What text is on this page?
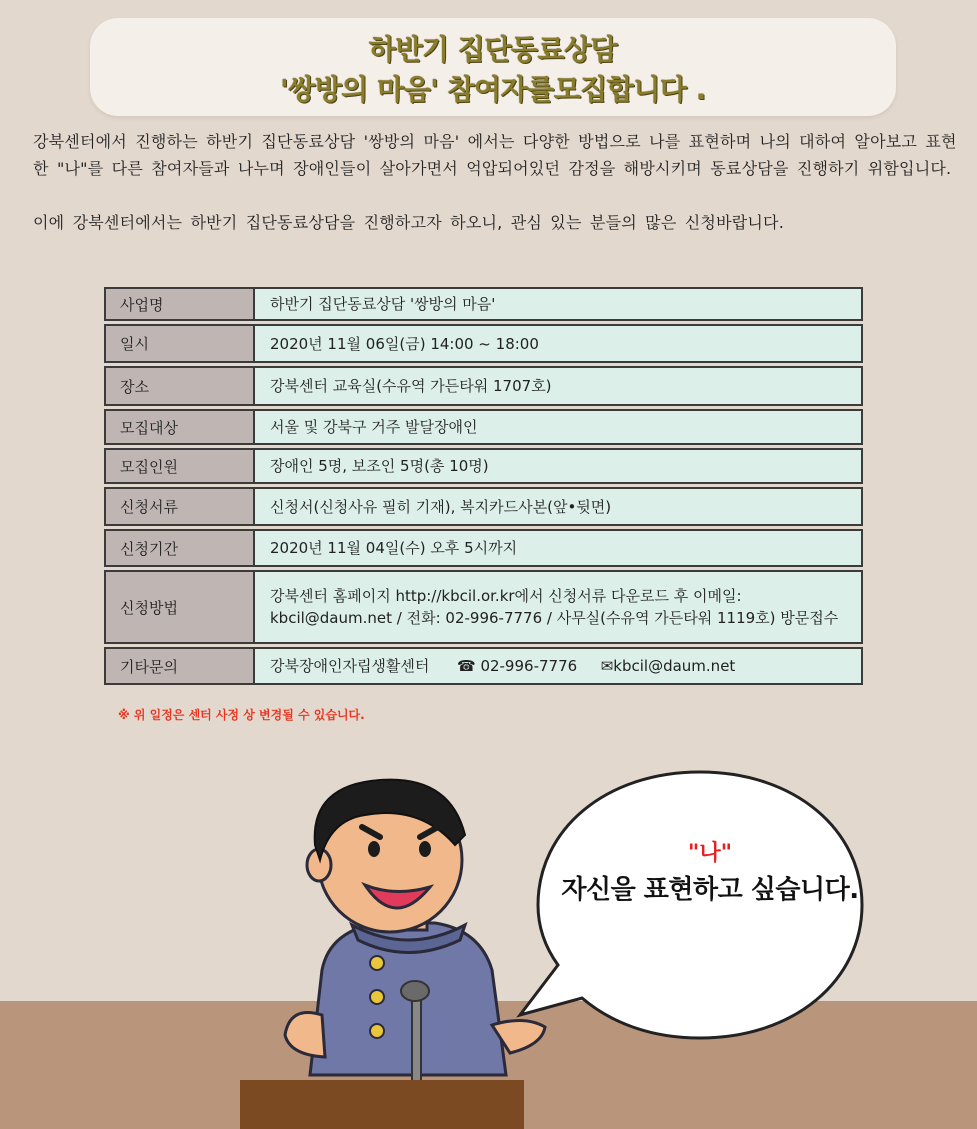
하반기 집단동료상담
'쌍방의 마음' 참여자를모집합니다 .

강북센터에서 진행하는 하반기 집단동료상담 '쌍방의 마음' 에서는 다양한 방법으로 나를 표현하며 나의 대하여 알아보고 표현한 "나"를 다른 참여자들과 나누며 장애인들이 살아가면서 억압되어있던 감정을 해방시키며 동료상담을 진행하기 위함입니다.

이에 강북센터에서는 하반기 집단동료상담을 진행하고자 하오니, 관심 있는 분들의 많은 신청바랍니다.

사업명	하반기 집단동료상담 '쌍방의 마음'

일시	2020년 11월 06일(금) 14:00 ~ 18:00

장소	강북센터 교육실(수유역 가든타워 1707호)

모집대상	서울 및 강북구 거주 발달장애인

모집인원	장애인 5명, 보조인 5명(총 10명)

신청서류	신청서(신청사유 필히 기재), 복지카드사본(앞•뒷면)

신청기간	2020년 11월 04일(수) 오후 5시까지

신청방법	강북센터 홈페이지 http://kbcil.or.kr에서 신청서류 다운로드 후 이메일: kbcil@daum.net / 전화: 02-996-7776 / 사무실(수유역 가든타워 1119호) 방문접수

기타문의	강북장애인자립생활센터 ☎ 02-996-7776 ✉kbcil@daum.net
※ 위 일정은 센터 사정 상 변경될 수 있습니다.
"나"
자신을 표현하고 싶습니다.
